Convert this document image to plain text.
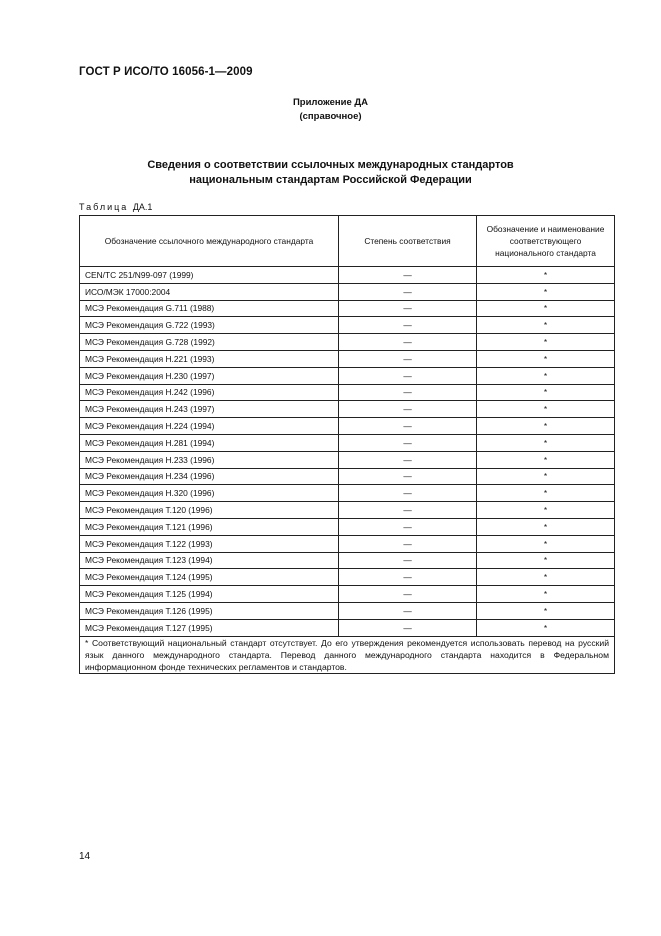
ГОСТ Р ИСО/ТО 16056-1—2009
Приложение ДА
(справочное)
Сведения о соответствии ссылочных международных стандартов
национальным стандартам Российской Федерации
Таблица ДА.1
Обозначение ссылочного международного стандарта	Степень соответствия	Обозначение и наименование соответствующего национального стандарта
CEN/TC 251/N99-097 (1999)	—	*
ИСО/МЭК 17000:2004	—	*
МСЭ Рекомендация G.711 (1988)	—	*
МСЭ Рекомендация G.722 (1993)	—	*
МСЭ Рекомендация G.728 (1992)	—	*
МСЭ Рекомендация Н.221 (1993)	—	*
МСЭ Рекомендация Н.230 (1997)	—	*
МСЭ Рекомендация Н.242 (1996)	—	*
МСЭ Рекомендация Н.243 (1997)	—	*
МСЭ Рекомендация Н.224 (1994)	—	*
МСЭ Рекомендация Н.281 (1994)	—	*
МСЭ Рекомендация Н.233 (1996)	—	*
МСЭ Рекомендация Н.234 (1996)	—	*
МСЭ Рекомендация Н.320 (1996)	—	*
МСЭ Рекомендация Т.120 (1996)	—	*
МСЭ Рекомендация Т.121 (1996)	—	*
МСЭ Рекомендация Т.122 (1993)	—	*
МСЭ Рекомендация Т.123 (1994)	—	*
МСЭ Рекомендация Т.124 (1995)	—	*
МСЭ Рекомендация Т.125 (1994)	—	*
МСЭ Рекомендация Т.126 (1995)	—	*
МСЭ Рекомендация Т.127 (1995)	—	*
* Соответствующий национальный стандарт отсутствует. До его утверждения рекомендуется использовать перевод на русский язык данного международного стандарта. Перевод данного международного стандарта находится в Федеральном информационном фонде технических регламентов и стандартов.		
14
